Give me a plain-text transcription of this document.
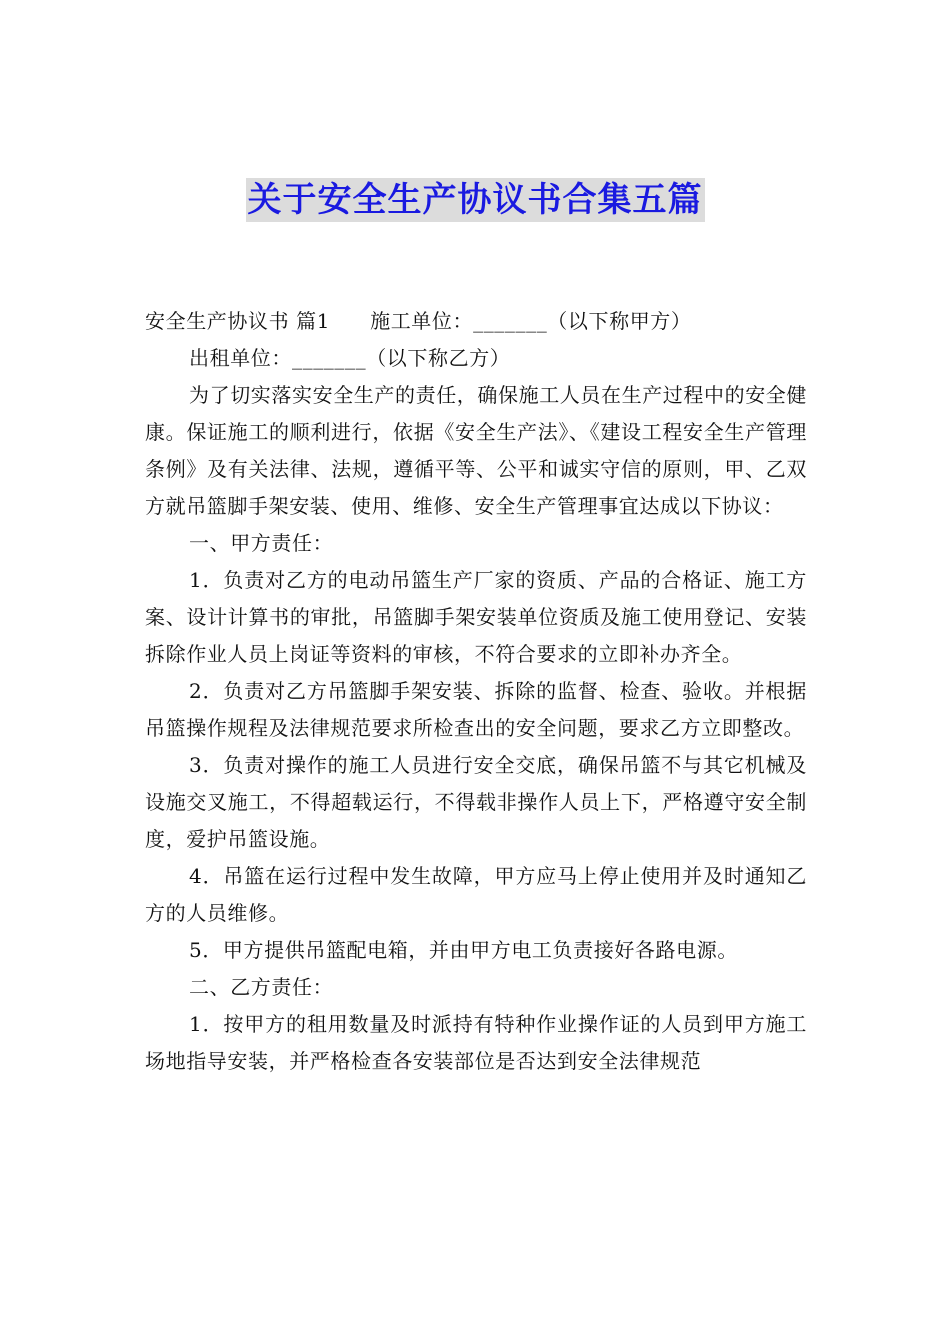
关于安全生产协议书合集五篇

安全生产协议书 篇1 施工单位：_______（以下称甲方）

出租单位：_______（以下称乙方）

为了切实落实安全生产的责任，确保施工人员在生产过程中的安全健康。保证施工的顺利进行，依据《安全生产法》、《建设工程安全生产管理条例》及有关法律、法规，遵循平等、公平和诚实守信的原则，甲、乙双方就吊篮脚手架安装、使用、维修、安全生产管理事宜达成以下协议：

一、甲方责任：

1．负责对乙方的电动吊篮生产厂家的资质、产品的合格证、施工方案、设计计算书的审批，吊篮脚手架安装单位资质及施工使用登记、安装拆除作业人员上岗证等资料的审核，不符合要求的立即补办齐全。

2．负责对乙方吊篮脚手架安装、拆除的监督、检查、验收。并根据吊篮操作规程及法律规范要求所检查出的安全问题，要求乙方立即整改。

3．负责对操作的施工人员进行安全交底，确保吊篮不与其它机械及设施交叉施工，不得超载运行，不得载非操作人员上下，严格遵守安全制度，爱护吊篮设施。

4．吊篮在运行过程中发生故障，甲方应马上停止使用并及时通知乙方的人员维修。

5．甲方提供吊篮配电箱，并由甲方电工负责接好各路电源。

二、乙方责任：

1．按甲方的租用数量及时派持有特种作业操作证的人员到甲方施工场地指导安装，并严格检查各安装部位是否达到安全法律规范
